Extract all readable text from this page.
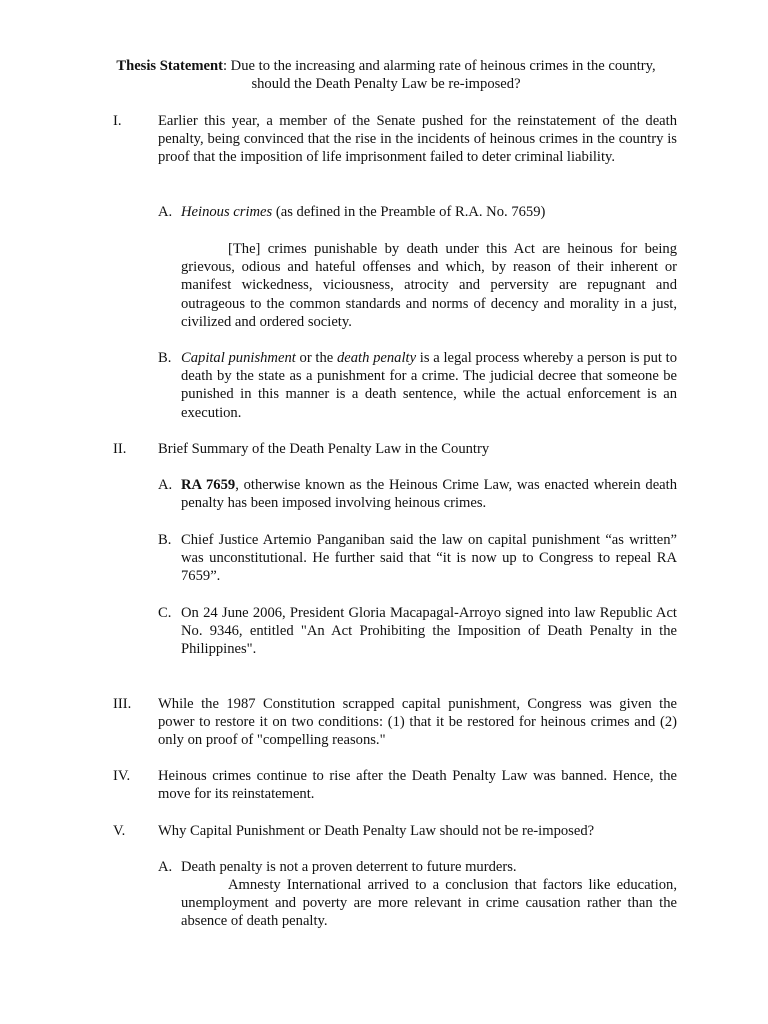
Thesis Statement: Due to the increasing and alarming rate of heinous crimes in the country, should the Death Penalty Law be re-imposed?

I. Earlier this year, a member of the Senate pushed for the reinstatement of the death penalty, being convinced that the rise in the incidents of heinous crimes in the country is proof that the imposition of life imprisonment failed to deter criminal liability.

A. Heinous crimes (as defined in the Preamble of R.A. No. 7659)

[The] crimes punishable by death under this Act are heinous for being grievous, odious and hateful offenses and which, by reason of their inherent or manifest wickedness, viciousness, atrocity and perversity are repugnant and outrageous to the common standards and norms of decency and morality in a just, civilized and ordered society.

B. Capital punishment or the death penalty is a legal process whereby a person is put to death by the state as a punishment for a crime. The judicial decree that someone be punished in this manner is a death sentence, while the actual enforcement is an execution.

II. Brief Summary of the Death Penalty Law in the Country

A. RA 7659, otherwise known as the Heinous Crime Law, was enacted wherein death penalty has been imposed involving heinous crimes.

B. Chief Justice Artemio Panganiban said the law on capital punishment “as written” was unconstitutional. He further said that “it is now up to Congress to repeal RA 7659”.

C. On 24 June 2006, President Gloria Macapagal-Arroyo signed into law Republic Act No. 9346, entitled "An Act Prohibiting the Imposition of Death Penalty in the Philippines".

III. While the 1987 Constitution scrapped capital punishment, Congress was given the power to restore it on two conditions: (1) that it be restored for heinous crimes and (2) only on proof of "compelling reasons."

IV. Heinous crimes continue to rise after the Death Penalty Law was banned. Hence, the move for its reinstatement.

V. Why Capital Punishment or Death Penalty Law should not be re-imposed?

A. Death penalty is not a proven deterrent to future murders.

Amnesty International arrived to a conclusion that factors like education, unemployment and poverty are more relevant in crime causation rather than the absence of death penalty.
